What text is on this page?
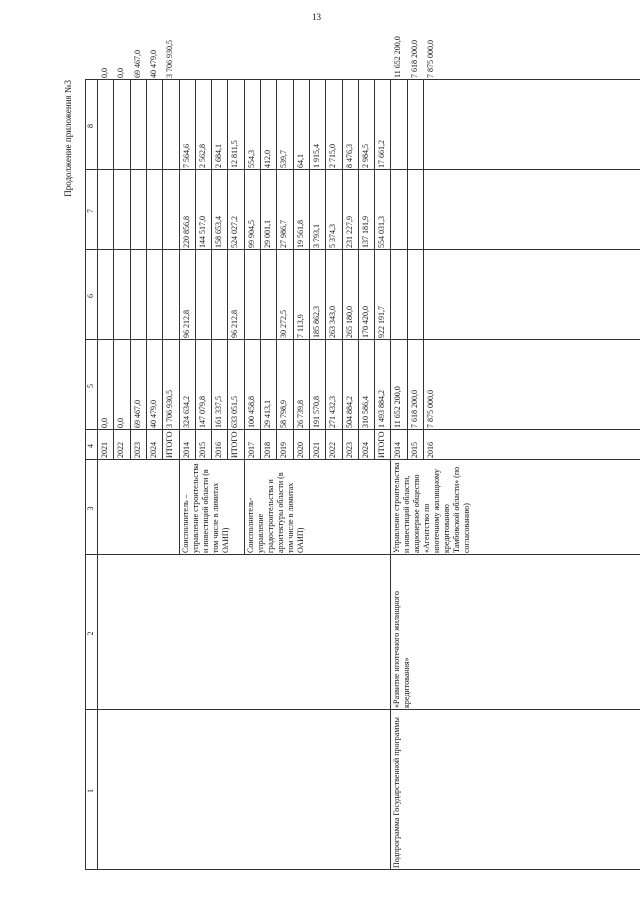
13
Продолжение приложения №3
1
2
3
4
5
6
7
8
2021
0,0
0,0
2022
0,0
0,0
2023
69 467,0
69 467,0
2024
40 479,0
40 479,0
ИТОГО
3 706 930,5
3 706 930,5
2014
324 634,2
96 212,8
220 856,8
7 564,6
2015
147 079,8
144 517,0
2 562,8
2016
161 337,5
158 653,4
2 684,1
ИТОГО
633 051,5
96 212,8
524 027,2
12 811,5
2017
100 458,8
99 904,5
554,3
2018
29 413,1
29 001,1
412,0
2019
58 798,9
30 272,5
27 986,7
539,7
2020
26 739,8
7 113,9
19 561,8
64,1
2021
191 570,8
185 862,3
3 793,1
1 915,4
2022
271 432,3
263 343,0
5 374,3
2 715,0
2023
504 884,2
265 180,0
231 227,9
8 476,3
2024
310 586,4
170 420,0
137 181,9
2 984,5
ИТОГО
1 493 884,2
922 191,7
554 031,3
17 661,2
2014
11 652 200,0
11 652 200,0
2015
7 618 200,0
7 618 200,0
2016
7 875 000,0
7 875 000,0
Соисполнитель – управление строительства и инвестиций области (в том числе в лимитах ОАИП) Соисполнитель-управление градостроительства и архитектуры области (в том числе в лимитах ОАИП)	Управление строительства и инвестиций области, акционерное общество «Агентство по ипотечному жилищному кредитованию Тамбовской области» (по согласованию)
Подпрограмма Государственной программы
«Развитие ипотечного жилищного кредитования»
